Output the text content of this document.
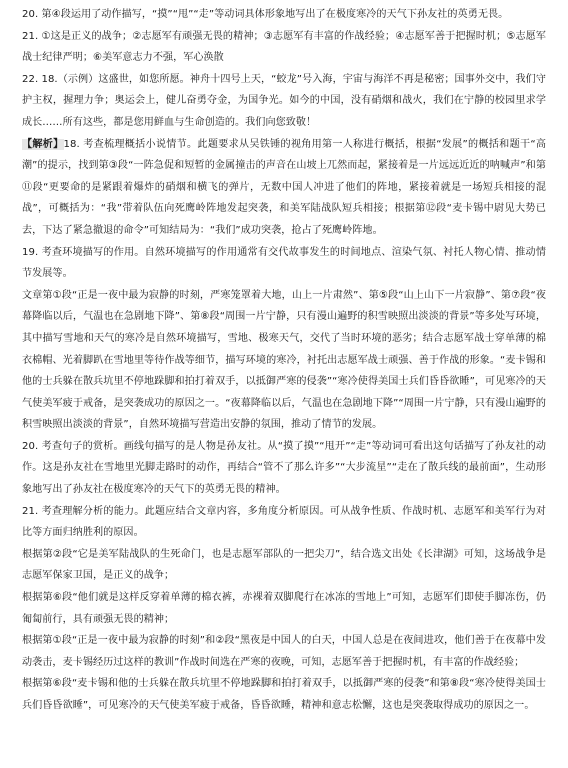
20. 第④段运用了动作描写，“摸”“甩”“走”等动词具体形象地写出了在极度寒冷的天气下孙友社的英勇无畏。

21. ①这是正义的战争；②志愿军有顽强无畏的精神；③志愿军有丰富的作战经验；④志愿军善于把握时机；⑤志愿军战士纪律严明；⑥美军意志力不强，军心涣散

22. 18.（示例）这盛世，如您所愿。神舟十四号上天，“蛟龙”号入海，宇宙与海洋不再是秘密；国事外交中，我们守护主权，握理力争；奥运会上，健儿奋勇夺金，为国争光。如今的中国，没有硝烟和战火，我们在宁静的校园里求学成长……所有这些，都是您用鲜血与生命创造的。我们向您致敬！

【解析】18. 考查梳理概括小说情节。此题要求从吴铁锤的视角用第一人称进行概括，根据“发展”的概括和题干“高潮”的提示，找到第③段“一阵急促和短暂的金属撞击的声音在山坡上兀然而起，紧接着是一片远远近近的呐喊声”和第⑪段“更要命的是紧跟着爆炸的硝烟和横飞的弹片，无数中国人冲进了他们的阵地，紧接着就是一场短兵相接的混战”，可概括为：“我”带着队伍向死鹰岭阵地发起突袭，和美军陆战队短兵相接；根据第⑫段“麦卡锡中尉见大势已去，下达了紧急撤退的命令”可知结局为：“我们”成功突袭，抢占了死鹰岭阵地。

19. 考查环境描写的作用。自然环境描写的作用通常有交代故事发生的时间地点、渲染气氛、衬托人物心情、推动情节发展等。

文章第①段“正是一夜中最为寂静的时刻，严寒笼罩着大地，山上一片肃然”、第⑤段“山上山下一片寂静”、第⑦段“夜幕降临以后，气温也在急剧地下降”、第⑧段“周围一片宁静，只有漫山遍野的积雪映照出淡淡的背景”等多处写环境，其中描写雪地和天气的寒冷是自然环境描写，雪地、极寒天气，交代了当时环境的恶劣；结合志愿军战士穿单薄的棉衣棉帽、光着脚趴在雪地里等待作战等细节，描写环境的寒冷，衬托出志愿军战士顽强、善于作战的形象。“麦卡锡和他的士兵躲在散兵坑里不停地跺脚和拍打着双手，以抵御严寒的侵袭”“寒冷使得美国士兵们昏昏欲睡”，可见寒冷的天气使美军疲于戒备，是突袭成功的原因之一。“夜幕降临以后，气温也在急剧地下降”“周围一片宁静，只有漫山遍野的积雪映照出淡淡的背景”，自然环境描写营造出安静的氛围，推动了情节的发展。

20. 考查句子的赏析。画线句描写的是人物是孙友社。从“摸了摸”“甩开”“走”等动词可看出这句话描写了孙友社的动作。这是孙友社在雪地里光脚走路时的动作，再结合“管不了那么许多”“大步流星”“走在了散兵线的最前面”，生动形象地写出了孙友社在极度寒冷的天气下的英勇无畏的精神。

21. 考查理解分析的能力。此题应结合文章内容，多角度分析原因。可从战争性质、作战时机、志愿军和美军行为对比等方面归纳胜利的原因。

根据第②段“它是美军陆战队的生死命门，也是志愿军部队的一把尖刀”，结合选文出处《长津湖》可知，这场战争是志愿军保家卫国，是正义的战争；

根据第⑥段“他们就是这样反穿着单薄的棉衣裤，赤裸着双脚爬行在冰冻的雪地上”可知，志愿军们即使手脚冻伤，仍匍匐前行，具有顽强无畏的精神；

根据第①段“正是一夜中最为寂静的时刻”和②段“黑夜是中国人的白天，中国人总是在夜间进攻，他们善于在夜幕中发动袭击，麦卡锡经历过这样的教训”作战时间选在严寒的夜晚，可知，志愿军善于把握时机，有丰富的作战经验；

根据第⑥段“麦卡锡和他的士兵躲在散兵坑里不停地跺脚和拍打着双手，以抵御严寒的侵袭”和第⑧段“寒冷使得美国士兵们昏昏欲睡”，可见寒冷的天气使美军疲于戒备，昏昏欲睡，精神和意志松懈，这也是突袭取得成功的原因之一。
